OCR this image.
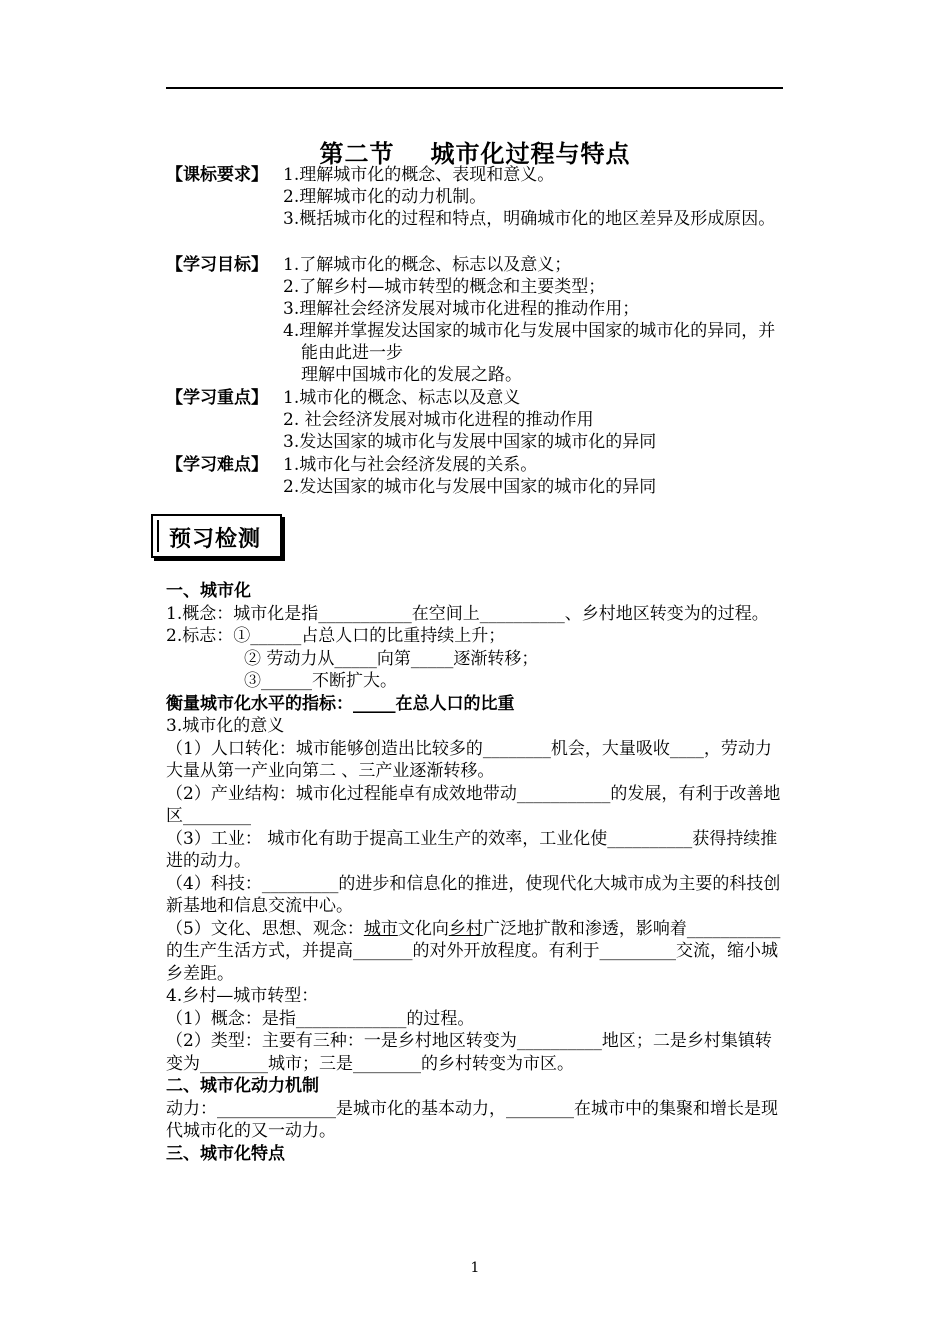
第二节 城市化过程与特点
【课标要求】 1.理解城市化的概念、表现和意义。
2.理解城市化的动力机制。
3.概括城市化的过程和特点，明确城市化的地区差异及形成原因。
【学习目标】 1.了解城市化的概念、标志以及意义；
2.了解乡村—城市转型的概念和主要类型；
3.理解社会经济发展对城市化进程的推动作用；
4.理解并掌握发达国家的城市化与发展中国家的城市化的异同，并能由此进一步
理解中国城市化的发展之路。
【学习重点】 1.城市化的概念、标志以及意义
2. 社会经济发展对城市化进程的推动作用
3.发达国家的城市化与发展中国家的城市化的异同
【学习难点】 1.城市化与社会经济发展的关系。
2.发达国家的城市化与发展中国家的城市化的异同
预习检测

一、城市化

1.概念：城市化是指___________在空间上__________、乡村地区转变为的过程。

2.标志：①______占总人口的比重持续上升；

② 劳动力从_____向第_____逐渐转移；

③______不断扩大。

衡量城市化水平的指标：_____在总人口的比重

3.城市化的意义

（1）人口转化：城市能够创造出比较多的________机会，大量吸收____，劳动力大量从第一产业向第二 、三产业逐渐转移。

（2）产业结构：城市化过程能卓有成效地带动___________的发展，有利于改善地区________

（3）工业： 城市化有助于提高工业生产的效率，工业化使__________获得持续推进的动力。

（4）科技：_________的进步和信息化的推进，使现代化大城市成为主要的科技创新基地和信息交流中心。

（5）文化、思想、观念：城市文化向乡村广泛地扩散和渗透，影响着___________的生产生活方式，并提高_______的对外开放程度。有利于_________交流，缩小城乡差距。

4.乡村—城市转型：

（1）概念：是指_____________的过程。

（2）类型：主要有三种：一是乡村地区转变为__________地区；二是乡村集镇转变为________城市；三是________的乡村转变为市区。

二、城市化动力机制

动力：______________是城市化的基本动力，________在城市中的集聚和增长是现代城市化的又一动力。

三、城市化特点

1
